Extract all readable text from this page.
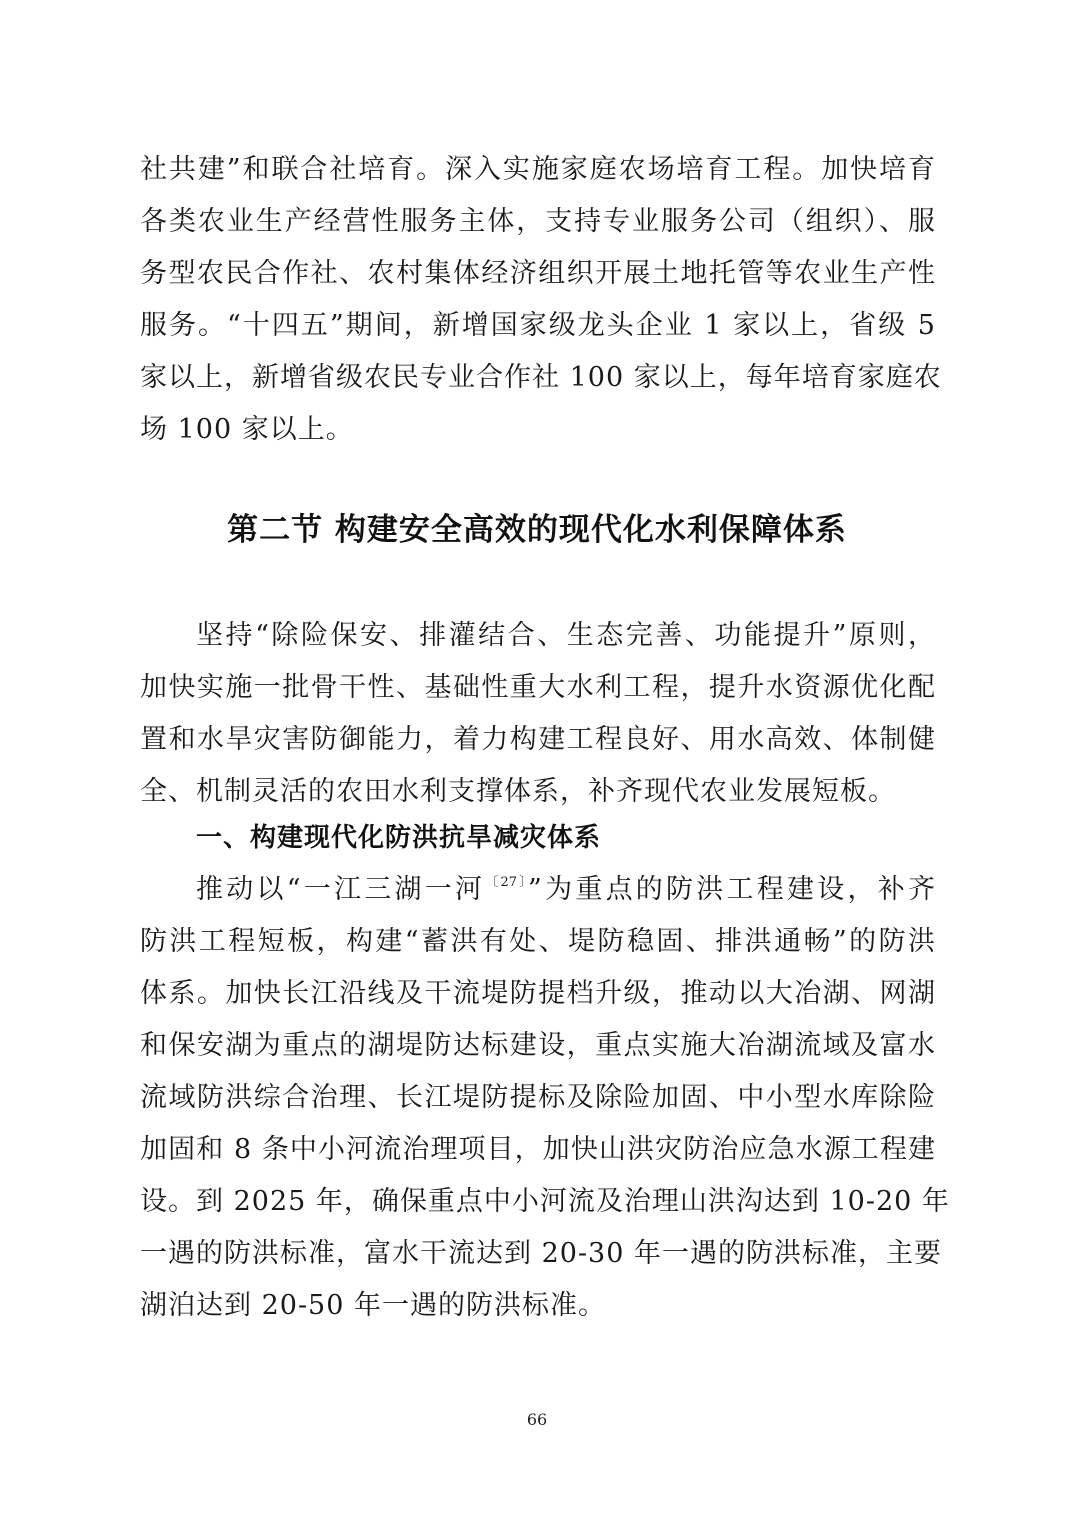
社共建”和联合社培育。深入实施家庭农场培育工程。加快培育
各类农业生产经营性服务主体，支持专业服务公司（组织）、服
务型农民合作社、农村集体经济组织开展土地托管等农业生产性
服务。“十四五”期间，新增国家级龙头企业 1 家以上，省级 5
家以上，新增省级农民专业合作社 100 家以上，每年培育家庭农
场 100 家以上。
第二节 构建安全高效的现代化水利保障体系
坚持“除险保安、排灌结合、生态完善、功能提升”原则，
加快实施一批骨干性、基础性重大水利工程，提升水资源优化配
置和水旱灾害防御能力，着力构建工程良好、用水高效、体制健
全、机制灵活的农田水利支撑体系，补齐现代农业发展短板。
一、构建现代化防洪抗旱减灾体系
推动以“一江三湖一河$^{〔27〕}$”为重点的防洪工程建设，补齐
防洪工程短板，构建“蓄洪有处、堤防稳固、排洪通畅”的防洪
体系。加快长江沿线及干流堤防提档升级，推动以大冶湖、网湖
和保安湖为重点的湖堤防达标建设，重点实施大冶湖流域及富水
流域防洪综合治理、长江堤防提标及除险加固、中小型水库除险
加固和 8 条中小河流治理项目，加快山洪灾防治应急水源工程建
设。到 2025 年，确保重点中小河流及治理山洪沟达到 10-20 年
一遇的防洪标准，富水干流达到 20-30 年一遇的防洪标准，主要
湖泊达到 20-50 年一遇的防洪标准。
66
